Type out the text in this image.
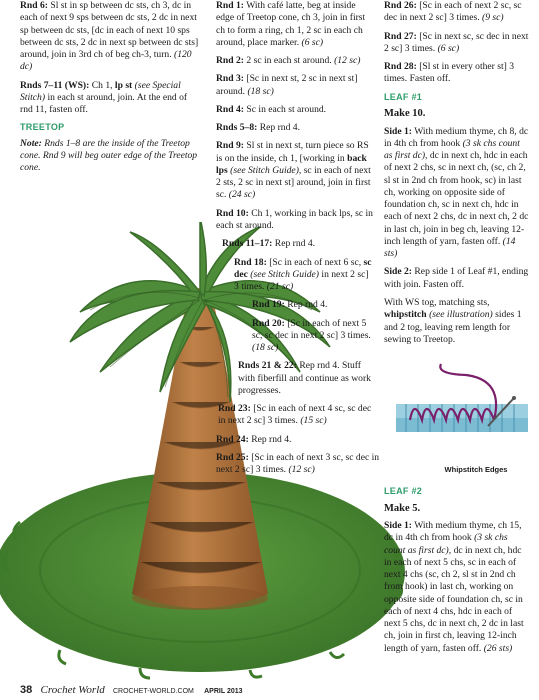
Rnd 6: Sl st in sp between dc sts, ch 3, dc in each of next 9 sps between dc sts, 2 dc in next sp between dc sts, [dc in each of next 10 sps between dc sts, 2 dc in next sp between dc sts] around, join in 3rd ch of beg ch-3, turn. (120 dc)

Rnds 7–11 (WS): Ch 1, lp st (see Special Stitch) in each st around, join. At the end of rnd 11, fasten off.

TREETOP

Note: Rnds 1–8 are the inside of the Treetop cone. Rnd 9 will beg outer edge of the Treetop cone.

Rnd 1: With café latte, beg at inside edge of Treetop cone, ch 3, join in first ch to form a ring, ch 1, 2 sc in each ch around, place marker. (6 sc)

Rnd 2: 2 sc in each st around. (12 sc)

Rnd 3: [Sc in next st, 2 sc in next st] around. (18 sc)

Rnd 4: Sc in each st around.

Rnds 5–8: Rep rnd 4.

Rnd 9: Sl st in next st, turn piece so RS is on the inside, ch 1, [working in back lps (see Stitch Guide), sc in each of next 2 sts, 2 sc in next st] around, join in first sc. (24 sc)

Rnd 10: Ch 1, working in back lps, sc in each st around.

Rnds 11–17: Rep rnd 4.

Rnd 18: [Sc in each of next 6 sc, sc dec (see Stitch Guide) in next 2 sc] 3 times. (21 sc)

Rnd 19: Rep rnd 4.

Rnd 20: [Sc in each of next 5 sc, sc dec in next 2 sc] 3 times. (18 sc)

Rnds 21 & 22: Rep rnd 4. Stuff with fiberfill and continue as work progresses.

Rnd 23: [Sc in each of next 4 sc, sc dec in next 2 sc] 3 times. (15 sc)

Rnd 24: Rep rnd 4.

Rnd 25: [Sc in each of next 3 sc, sc dec in next 2 sc] 3 times. (12 sc)

Rnd 26: [Sc in each of next 2 sc, sc dec in next 2 sc] 3 times. (9 sc)

Rnd 27: [Sc in next sc, sc dec in next 2 sc] 3 times. (6 sc)

Rnd 28: [Sl st in every other st] 3 times. Fasten off.

LEAF #1
Make 10.

Side 1: With medium thyme, ch 8, dc in 4th ch from hook (3 sk chs count as first dc), dc in next ch, hdc in each of next 2 chs, sc in next ch, (sc, ch 2, sl st in 2nd ch from hook, sc) in last ch, working on opposite side of foundation ch, sc in next ch, hdc in each of next 2 chs, dc in next ch, 2 dc in last ch, join in beg ch, leaving 12-inch length of yarn, fasten off. (14 sts)

Side 2: Rep side 1 of Leaf #1, ending with join. Fasten off.

With WS tog, matching sts, whipstitch (see illustration) sides 1 and 2 tog, leaving rem length for sewing to Treetop.

LEAF #2
Make 5.

Side 1: With medium thyme, ch 15, dc in 4th ch from hook (3 sk chs count as first dc), dc in next ch, hdc in each of next 5 chs, sc in each of next 4 chs (sc, ch 2, sl st in 2nd ch from hook) in last ch, working on opposite side of foundation ch, sc in each of next 4 chs, hdc in each of next 5 chs, dc in next ch, 2 dc in last ch, join in first ch, leaving 12-inch length of yarn, fasten off. (26 sts)

Whipstitch Edges
38 Crochet World CROCHET-WORLD.COM APRIL 2013
